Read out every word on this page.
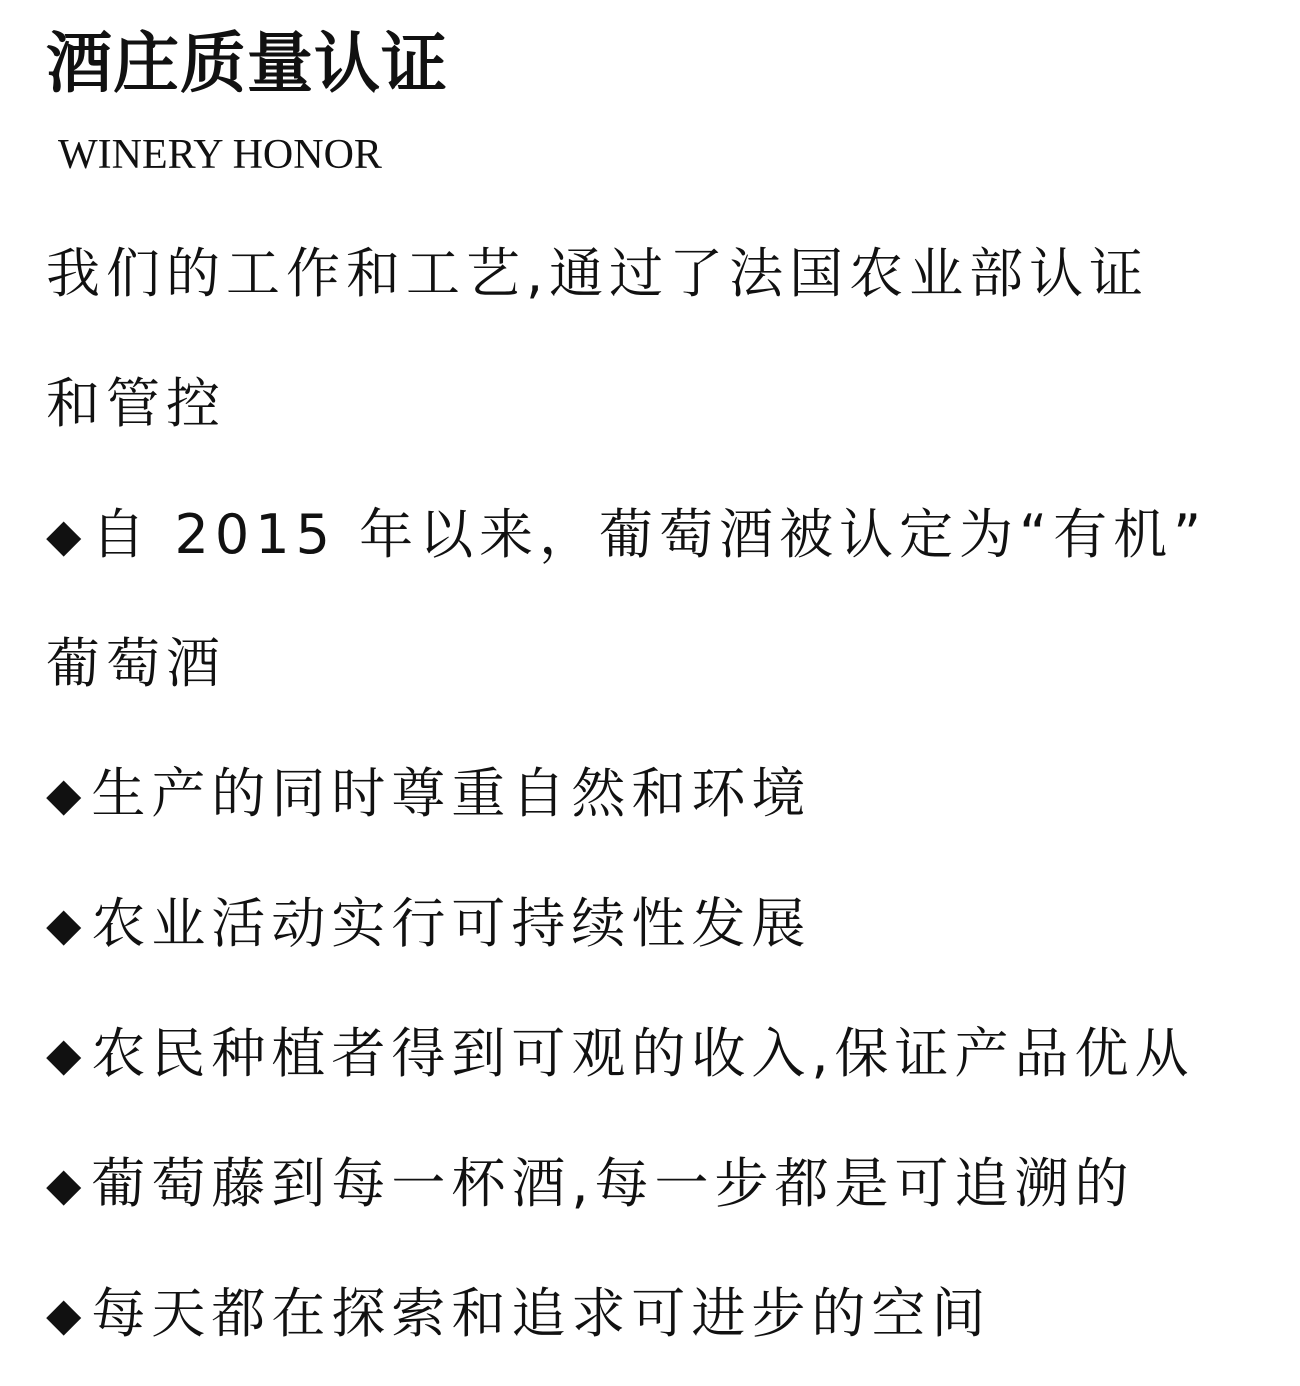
酒庄质量认证
WINERY HONOR
我们的工作和工艺,通过了法国农业部认证
和管控
◆ 自 2015 年以来，葡萄酒被认定为“有机”
葡萄酒
◆ 生产的同时尊重自然和环境
◆ 农业活动实行可持续性发展
◆ 农民种植者得到可观的收入,保证产品优从
◆ 葡萄藤到每一杯酒,每一步都是可追溯的
◆ 每天都在探索和追求可进步的空间
